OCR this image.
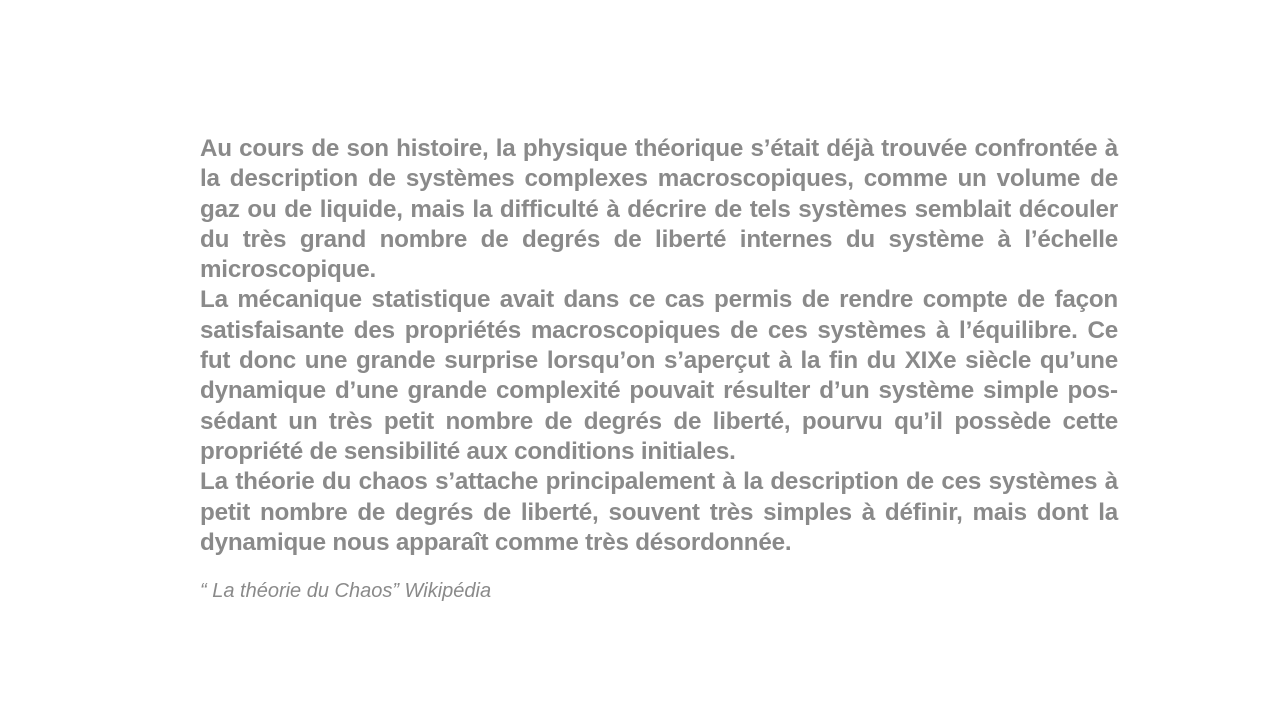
Au cours de son histoire, la physique théorique s’était déjà trouvée confrontée à la description de systèmes complexes macroscopiques, comme un volume de gaz ou de liquide, mais la difficulté à décrire de tels systèmes semblait découler du très grand nombre de degrés de liberté internes du système à l’échelle microscopique.

La mécanique statistique avait dans ce cas permis de rendre compte de façon satisfaisante des propriétés macroscopiques de ces systèmes à l’équilibre. Ce fut donc une grande surprise lorsqu’on s’aperçut à la fin du XIXe siècle qu’une dynamique d’une grande complexité pouvait résulter d’un système simple possédant un très petit nombre de degrés de liberté, pourvu qu’il possède cette propriété de sensibilité aux conditions initiales.

La théorie du chaos s’attache principalement à la description de ces systèmes à petit nombre de degrés de liberté, souvent très simples à définir, mais dont la dynamique nous apparaît comme très désordonnée.

“ La théorie du Chaos” Wikipédia
